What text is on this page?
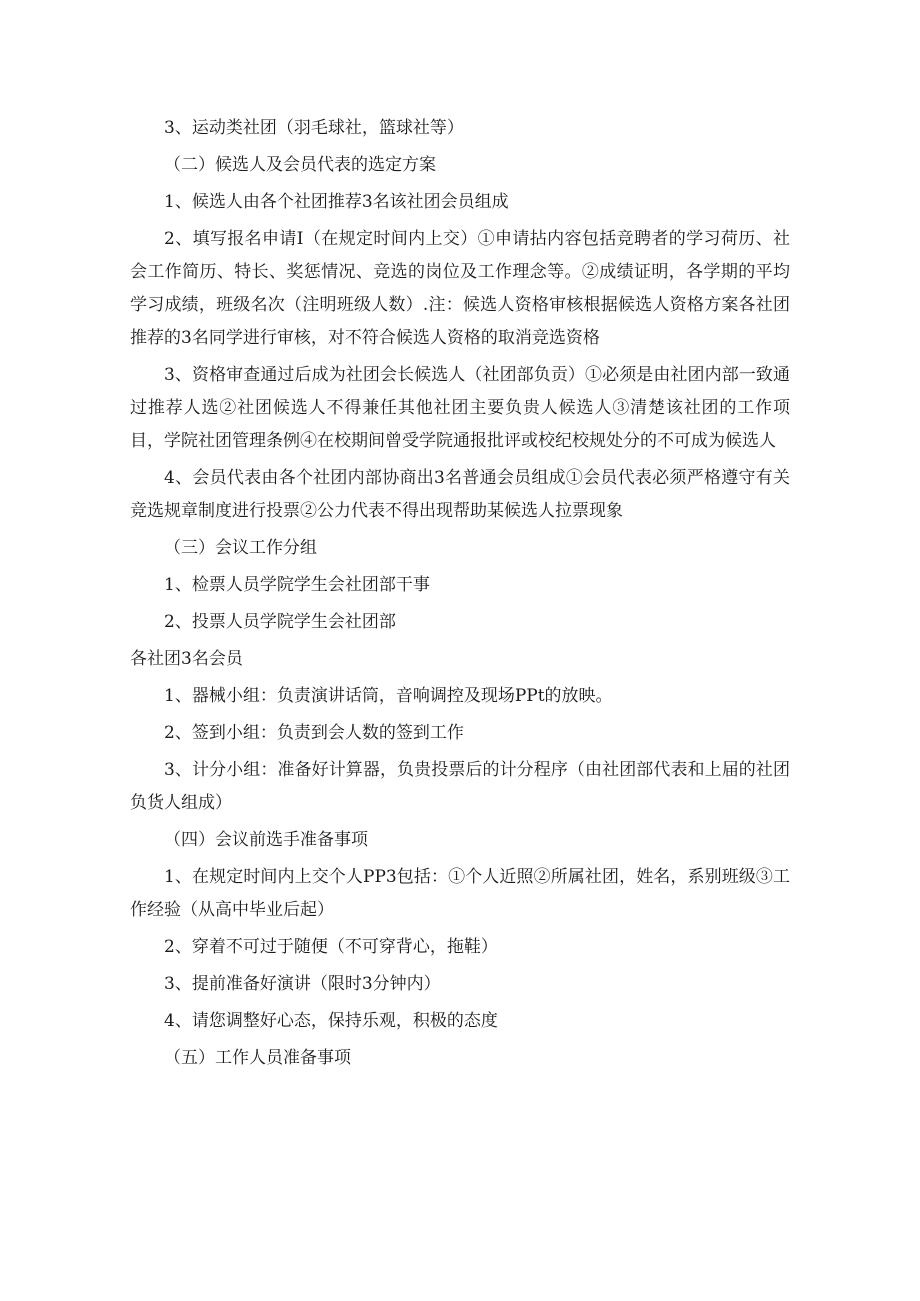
3、运动类社团（羽毛球社，篮球社等）

（二）候选人及会员代表的选定方案

1、候选人由各个社团推荐3名该社团会员组成

2、填写报名申请I（在规定时间内上交）①申请拈内容包括竞聘者的学习荷历、社会工作简历、特长、奖惩情况、竞选的岗位及工作理念等。②成绩证明，各学期的平均学习成绩，班级名次（注明班级人数）.注：候选人资格审核根据候选人资格方案各社团推荐的3名同学进行审核，对不符合候选人资格的取消竞选资格

3、资格审查通过后成为社团会长候选人（社团部负贡）①必须是由社团内部一致通过推荐人选②社团候选人不得兼任其他社团主要负贵人候选人③清楚该社团的工作项目，学院社团管理条例④在校期间曾受学院通报批评或校纪校规处分的不可成为候选人

4、会员代表由各个社团内部协商出3名普通会员组成①会员代表必须严格遵守有关竞选规章制度进行投票②公力代表不得出现帮助某候选人拉票现象

（三）会议工作分组

1、检票人员学院学生会社团部干事

2、投票人员学院学生会社团部

各社团3名会员

1、器械小组：负责演讲话筒，音响调控及现场PPt的放映。

2、签到小组：负责到会人数的签到工作

3、计分小组：准备好计算器，负贵投票后的计分程序（由社团部代表和上届的社团负货人组成）

（四）会议前选手准备事项

1、在规定时间内上交个人PP3包括：①个人近照②所属社团，姓名，系别班级③工作经验（从高中毕业后起）

2、穿着不可过于随便（不可穿背心，拖鞋）

3、提前准备好演讲（限时3分钟内）

4、请您调整好心态，保持乐观，积极的态度

（五）工作人员准备事项
